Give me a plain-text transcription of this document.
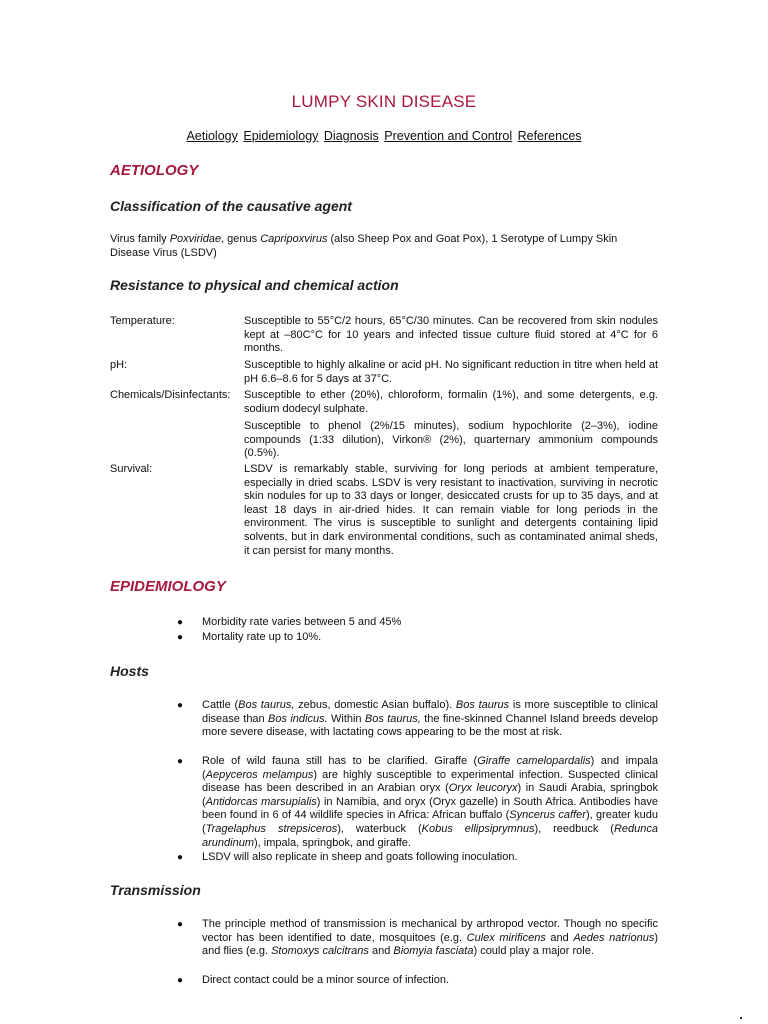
LUMPY SKIN DISEASE
Aetiology Epidemiology Diagnosis Prevention and Control References
AETIOLOGY
Classification of the causative agent
Virus family Poxviridae, genus Capripoxvirus (also Sheep Pox and Goat Pox), 1 Serotype of Lumpy Skin Disease Virus (LSDV)
Resistance to physical and chemical action
Temperature:	Susceptible to 55°C/2 hours, 65°C/30 minutes. Can be recovered from skin nodules kept at –80C°C for 10 years and infected tissue culture fluid stored at 4°C for 6 months.
pH:	Susceptible to highly alkaline or acid pH. No significant reduction in titre when held at pH 6.6–8.6 for 5 days at 37°C.
Chemicals/Disinfectants: Susceptible to ether (20%), chloroform, formalin (1%), and some detergents, e.g. sodium dodecyl sulphate.
Susceptible to phenol (2%/15 minutes), sodium hypochlorite (2–3%), iodine compounds (1:33 dilution), Virkon® (2%), quarternary ammonium compounds (0.5%).
Survival:	LSDV is remarkably stable, surviving for long periods at ambient temperature, especially in dried scabs. LSDV is very resistant to inactivation, surviving in necrotic skin nodules for up to 33 days or longer, desiccated crusts for up to 35 days, and at least 18 days in air-dried hides. It can remain viable for long periods in the environment. The virus is susceptible to sunlight and detergents containing lipid solvents, but in dark environmental conditions, such as contaminated animal sheds, it can persist for many months.
EPIDEMIOLOGY
● Morbidity rate varies between 5 and 45%
● Mortality rate up to 10%.
Hosts
● Cattle (Bos taurus, zebus, domestic Asian buffalo). Bos taurus is more susceptible to clinical disease than Bos indicus. Within Bos taurus, the fine-skinned Channel Island breeds develop more severe disease, with lactating cows appearing to be the most at risk.
● Role of wild fauna still has to be clarified. Giraffe (Giraffe camelopardalis) and impala (Aepyceros melampus) are highly susceptible to experimental infection. Suspected clinical disease has been described in an Arabian oryx (Oryx leucoryx) in Saudi Arabia, springbok (Antidorcas marsupialis) in Namibia, and oryx (Oryx gazelle) in South Africa. Antibodies have been found in 6 of 44 wildlife species in Africa: African buffalo (Syncerus caffer), greater kudu (Tragelaphus strepsiceros), waterbuck (Kobus ellipsiprymnus), reedbuck (Redunca arundinum), impala, springbok, and giraffe.
● LSDV will also replicate in sheep and goats following inoculation.
Transmission
● The principle method of transmission is mechanical by arthropod vector. Though no specific vector has been identified to date, mosquitoes (e.g. Culex mirificens and Aedes natrionus) and flies (e.g. Stomoxys calcitrans and Biomyia fasciata) could play a major role.
● Direct contact could be a minor source of infection.
